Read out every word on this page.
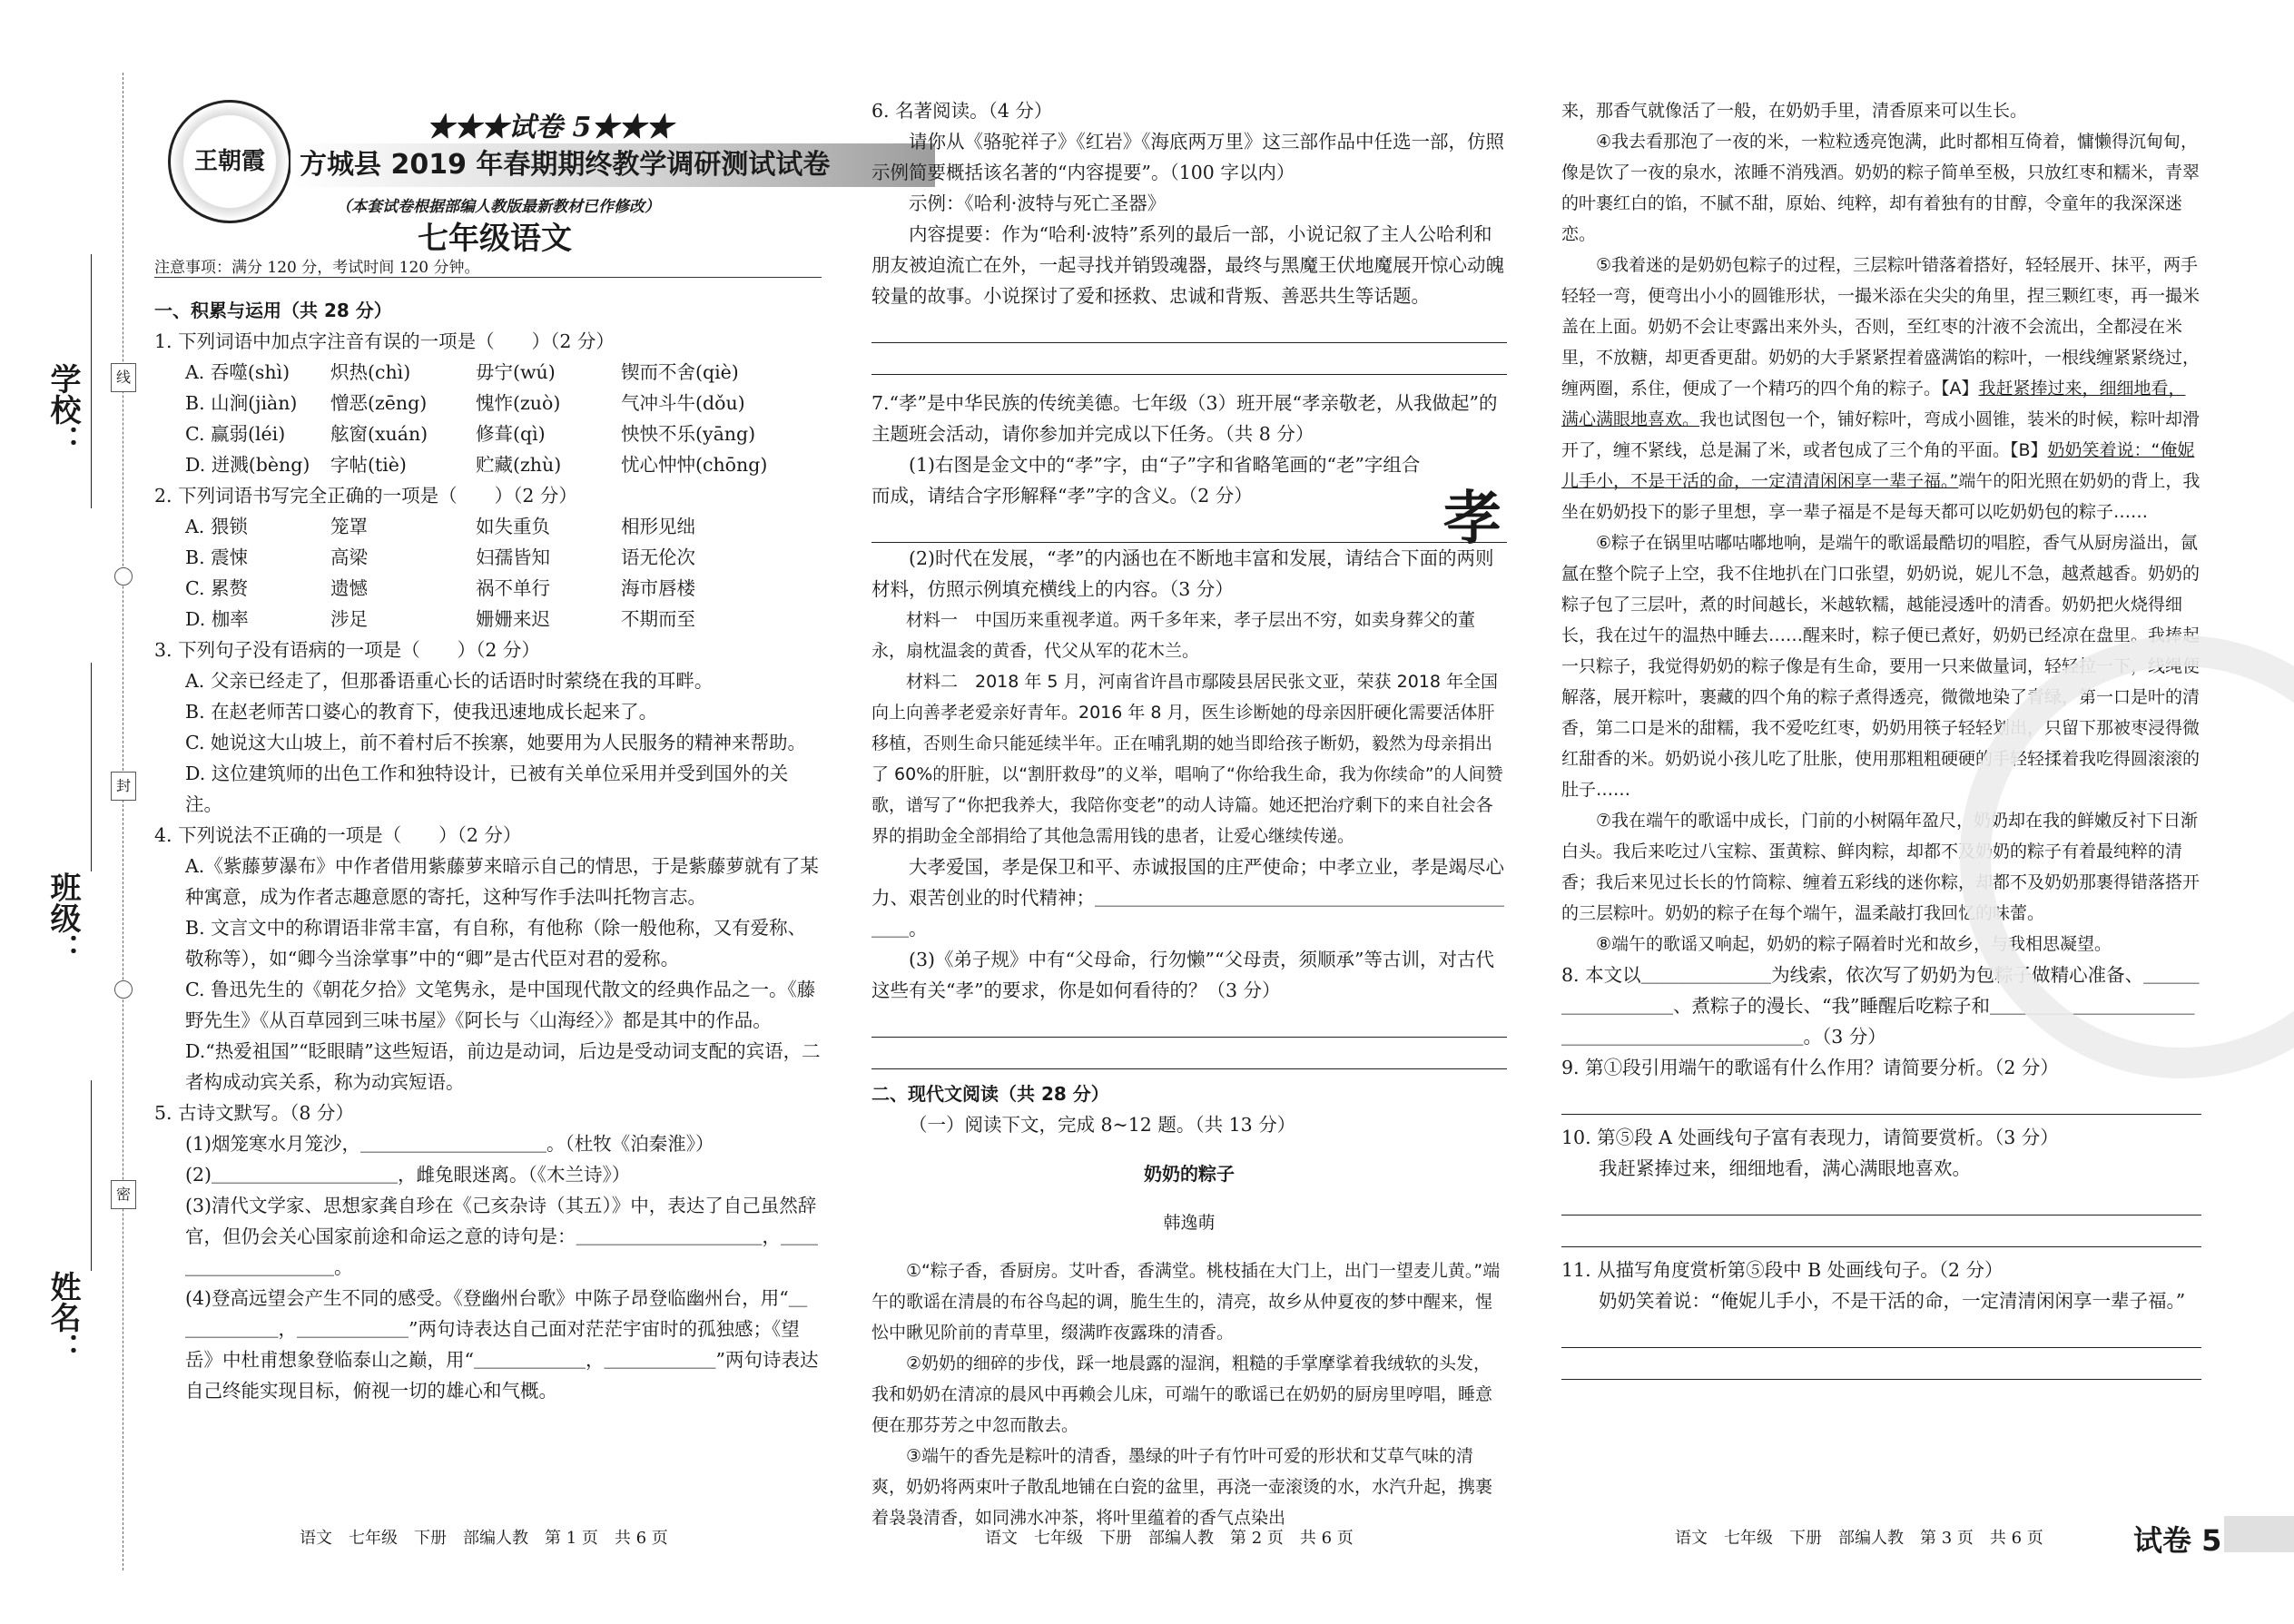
学校：
班级：
姓名：
线
封
密
王朝霞
★★★试卷 5★★★
方城县 2019 年春期期终教学调研测试试卷
（本套试卷根据部编人教版最新教材已作修改）
七年级语文
注意事项：满分 120 分，考试时间 120 分钟。

一、积累与运用（共 28 分）

1. 下列词语中加点字注音有误的一项是（　　）（2 分）

A. 吞噬(shì)	炽热(chì)	毋宁(wú)	锲而不舍(qiè)
B. 山涧(jiàn)	憎恶(zēng)	愧怍(zuò)	气冲斗牛(dǒu)
C. 赢弱(léi)	舷窗(xuán)	修葺(qì)	怏怏不乐(yāng)
D. 迸溅(bèng)	字帖(tiè)	贮藏(zhù)	忧心忡忡(chōng)

2. 下列词语书写完全正确的一项是（　　）（2 分）

A. 猥锁	笼罩	如失重负	相形见绌
B. 震悚	高梁	妇孺皆知	语无伦次
C. 累赘	遗憾	祸不单行	海市唇楼
D. 枷率	涉足	姗姗来迟	不期而至

3. 下列句子没有语病的一项是（　　）（2 分）

A. 父亲已经走了，但那番语重心长的话语时时萦绕在我的耳畔。

B. 在赵老师苦口婆心的教育下，使我迅速地成长起来了。

C. 她说这大山坡上，前不着村后不挨寨，她要用为人民服务的精神来帮助。

D. 这位建筑师的出色工作和独特设计，已被有关单位采用并受到国外的关注。

4. 下列说法不正确的一项是（　　）（2 分）

A.《紫藤萝瀑布》中作者借用紫藤萝来暗示自己的情思，于是紫藤萝就有了某种寓意，成为作者志趣意愿的寄托，这种写作手法叫托物言志。

B. 文言文中的称谓语非常丰富，有自称，有他称（除一般他称，又有爱称、敬称等），如“卿今当涂掌事”中的“卿”是古代臣对君的爱称。

C. 鲁迅先生的《朝花夕拾》文笔隽永，是中国现代散文的经典作品之一。《藤野先生》《从百草园到三味书屋》《阿长与〈山海经〉》都是其中的作品。

D.“热爱祖国”“眨眼睛”这些短语，前边是动词，后边是受动词支配的宾语，二者构成动宾关系，称为动宾短语。

5. 古诗文默写。（8 分）

(1)烟笼寒水月笼沙，＿＿＿＿＿＿＿＿＿＿。（杜牧《泊秦淮》）

(2)＿＿＿＿＿＿＿＿＿＿，雌兔眼迷离。（《木兰诗》）

(3)清代文学家、思想家龚自珍在《己亥杂诗（其五）》中，表达了自己虽然辞官，但仍会关心国家前途和命运之意的诗句是：＿＿＿＿＿＿＿＿＿＿，＿＿＿＿＿＿＿＿＿＿。

(4)登高远望会产生不同的感受。《登幽州台歌》中陈子昂登临幽州台，用“＿＿＿＿＿＿，＿＿＿＿＿＿”两句诗表达自己面对茫茫宇宙时的孤独感；《望岳》中杜甫想象登临泰山之巅，用“＿＿＿＿＿＿，＿＿＿＿＿＿”两句诗表达自己终能实现目标，俯视一切的雄心和气概。

6. 名著阅读。（4 分）

请你从《骆驼祥子》《红岩》《海底两万里》这三部作品中任选一部，仿照示例简要概括该名著的“内容提要”。（100 字以内）

示例：《哈利·波特与死亡圣器》

内容提要：作为“哈利·波特”系列的最后一部，小说记叙了主人公哈利和朋友被迫流亡在外，一起寻找并销毁魂器，最终与黑魔王伏地魔展开惊心动魄较量的故事。小说探讨了爱和拯救、忠诚和背叛、善恶共生等话题。

7.“孝”是中华民族的传统美德。七年级（3）班开展“孝亲敬老，从我做起”的主题班会活动，请你参加并完成以下任务。（共 8 分）

(1)右图是金文中的“孝”字，由“子”字和省略笔画的“老”字组合而成，请结合字形解释“孝”字的含义。（2 分）

(2)时代在发展，“孝”的内涵也在不断地丰富和发展，请结合下面的两则材料，仿照示例填充横线上的内容。（3 分）

材料一　中国历来重视孝道。两千多年来，孝子层出不穷，如卖身葬父的董永，扇枕温衾的黄香，代父从军的花木兰。

材料二　2018 年 5 月，河南省许昌市鄢陵县居民张文亚，荣获 2018 年全国向上向善孝老爱亲好青年。2016 年 8 月，医生诊断她的母亲因肝硬化需要活体肝移植，否则生命只能延续半年。正在哺乳期的她当即给孩子断奶，毅然为母亲捐出了 60%的肝脏，以“割肝救母”的义举，唱响了“你给我生命，我为你续命”的人间赞歌，谱写了“你把我养大，我陪你变老”的动人诗篇。她还把治疗剩下的来自社会各界的捐助金全部捐给了其他急需用钱的患者，让爱心继续传递。

大孝爱国，孝是保卫和平、赤诚报国的庄严使命；中孝立业，孝是竭尽心力、艰苦创业的时代精神；＿＿＿＿＿＿＿＿＿＿＿＿＿＿＿＿＿＿＿＿＿＿＿＿。

(3)《弟子规》中有“父母命，行勿懒”“父母责，须顺承”等古训，对古代这些有关“孝”的要求，你是如何看待的？（3 分）

二、现代文阅读（共 28 分）

（一）阅读下文，完成 8~12 题。（共 13 分）

奶奶的粽子

韩逸萌

①“粽子香，香厨房。艾叶香，香满堂。桃枝插在大门上，出门一望麦儿黄。”端午的歌谣在清晨的布谷鸟起的调，脆生生的，清亮，故乡从仲夏夜的梦中醒来，惺忪中瞅见阶前的青草里，缀满昨夜露珠的清香。

②奶奶的细碎的步伐，踩一地晨露的湿润，粗糙的手掌摩挲着我绒软的头发，我和奶奶在清凉的晨风中再赖会儿床，可端午的歌谣已在奶奶的厨房里哼唱，睡意便在那芬芳之中忽而散去。

③端午的香先是粽叶的清香，墨绿的叶子有竹叶可爱的形状和艾草气味的清爽，奶奶将两束叶子散乱地铺在白瓷的盆里，再浇一壶滚烫的水，水汽升起，携裹着袅袅清香，如同沸水冲茶，将叶里蕴着的香气点染出

孝

来，那香气就像活了一般，在奶奶手里，清香原来可以生长。

④我去看那泡了一夜的米，一粒粒透亮饱满，此时都相互倚着，慵懒得沉甸甸，像是饮了一夜的泉水，浓睡不消残酒。奶奶的粽子简单至极，只放红枣和糯米，青翠的叶裹红白的馅，不腻不甜，原始、纯粹，却有着独有的甘醇，令童年的我深深迷恋。

⑤我着迷的是奶奶包粽子的过程，三层粽叶错落着搭好，轻轻展开、抹平，两手轻轻一弯，便弯出小小的圆锥形状，一撮米添在尖尖的角里，捏三颗红枣，再一撮米盖在上面。奶奶不会让枣露出来外头，否则，至红枣的汁液不会流出，全都浸在米里，不放糖，却更香更甜。奶奶的大手紧紧捏着盛满馅的粽叶，一根线缠紧紧绕过，缠两圈，系住，便成了一个精巧的四个角的粽子。【A】我赶紧捧过来，细细地看，满心满眼地喜欢。我也试图包一个，铺好粽叶，弯成小圆锥，装米的时候，粽叶却滑开了，缠不紧线，总是漏了米，或者包成了三个角的平面。【B】奶奶笑着说：“俺妮儿手小，不是干活的命，一定清清闲闲享一辈子福。”端午的阳光照在奶奶的背上，我坐在奶奶投下的影子里想，享一辈子福是不是每天都可以吃奶奶包的粽子……

⑥粽子在锅里咕嘟咕嘟地响，是端午的歌谣最酷切的唱腔，香气从厨房溢出，氤氲在整个院子上空，我不住地扒在门口张望，奶奶说，妮儿不急，越煮越香。奶奶的粽子包了三层叶，煮的时间越长，米越软糯，越能浸透叶的清香。奶奶把火烧得细长，我在过午的温热中睡去……醒来时，粽子便已煮好，奶奶已经凉在盘里。我捧起一只粽子，我觉得奶奶的粽子像是有生命，要用一只来做量词，轻轻拉一下，线绳便解落，展开粽叶，裹藏的四个角的粽子煮得透亮，微微地染了青绿，第一口是叶的清香，第二口是米的甜糯，我不爱吃红枣，奶奶用筷子轻轻划出，只留下那被枣浸得微红甜香的米。奶奶说小孩儿吃了肚胀，使用那粗粗硬硬的手轻轻揉着我吃得圆滚滚的肚子……

⑦我在端午的歌谣中成长，门前的小树隔年盈尺，奶奶却在我的鲜嫩反衬下日渐白头。我后来吃过八宝粽、蛋黄粽、鲜肉粽，却都不及奶奶的粽子有着最纯粹的清香；我后来见过长长的竹筒粽、缠着五彩线的迷你粽，却都不及奶奶那裹得错落搭开的三层粽叶。奶奶的粽子在每个端午，温柔敲打我回忆的味蕾。

⑧端午的歌谣又响起，奶奶的粽子隔着时光和故乡，与我相思凝望。

8. 本文以＿＿＿＿＿＿＿为线索，依次写了奶奶为包粽子做精心准备、＿＿＿＿＿＿＿＿＿、煮粽子的漫长、“我”睡醒后吃粽子和＿＿＿＿＿＿＿＿＿＿＿＿＿＿＿＿＿＿＿＿＿＿＿＿。（3 分）

9. 第①段引用端午的歌谣有什么作用？请简要分析。（2 分）

10. 第⑤段 A 处画线句子富有表现力，请简要赏析。（3 分）

我赶紧捧过来，细细地看，满心满眼地喜欢。

11. 从描写角度赏析第⑤段中 B 处画线句子。（2 分）

奶奶笑着说：“俺妮儿手小，不是干活的命，一定清清闲闲享一辈子福。”

语文　七年级　下册　部编人教　第 1 页　共 6 页	语文　七年级　下册　部编人教　第 2 页　共 6 页	语文　七年级　下册　部编人教　第 3 页　共 6 页	试卷 5
